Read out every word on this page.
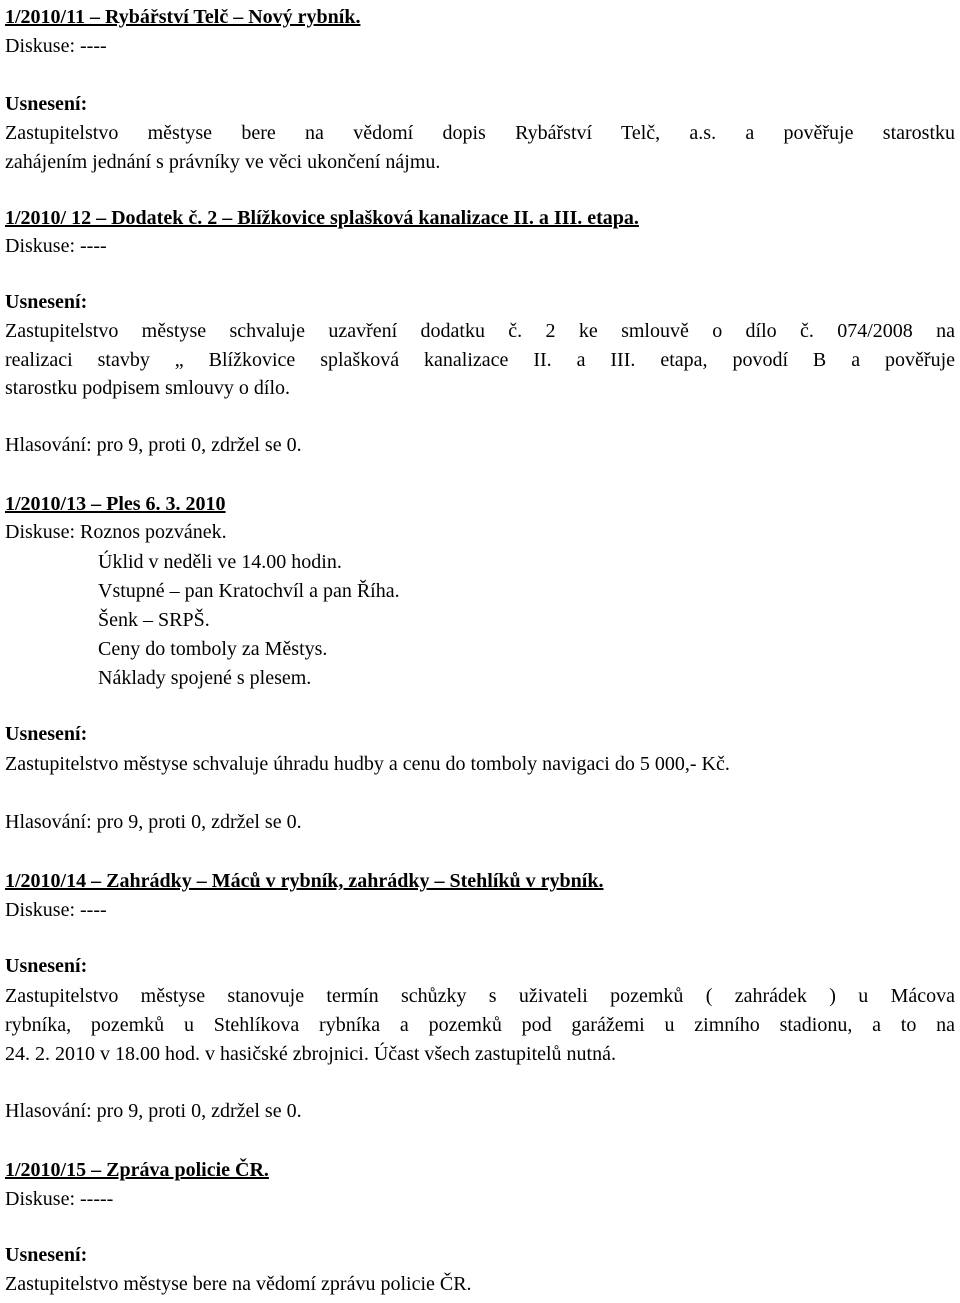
1/2010/11 – Rybářství Telč – Nový rybník.
Diskuse: ----
Usnesení:
Zastupitelstvo městyse bere na vědomí dopis Rybářství Telč, a.s. a pověřuje starostku
zahájením jednání s právníky ve věci ukončení nájmu.
1/2010/ 12 – Dodatek č. 2 – Blížkovice splašková kanalizace II. a III. etapa.
Diskuse: ----
Usnesení:
Zastupitelstvo městyse schvaluje uzavření dodatku č. 2 ke smlouvě o dílo č. 074/2008 na
realizaci stavby „ Blížkovice splašková kanalizace II. a III. etapa, povodí B a pověřuje
starostku podpisem smlouvy o dílo.
Hlasování: pro 9, proti 0, zdržel se 0.
1/2010/13 – Ples 6. 3. 2010
Diskuse: Roznos pozvánek.
Úklid v neděli ve 14.00 hodin.
Vstupné – pan Kratochvíl a pan Říha.
Šenk – SRPŠ.
Ceny do tomboly za Městys.
Náklady spojené s plesem.
Usnesení:
Zastupitelstvo městyse schvaluje úhradu hudby a cenu do tomboly navigaci do 5 000,- Kč.
Hlasování: pro 9, proti 0, zdržel se 0.
1/2010/14 – Zahrádky – Máců v rybník, zahrádky – Stehlíků v rybník.
Diskuse: ----
Usnesení:
Zastupitelstvo městyse stanovuje termín schůzky s uživateli pozemků ( zahrádek ) u Mácova
rybníka, pozemků u Stehlíkova rybníka a pozemků pod garážemi u zimního stadionu, a to na
24. 2. 2010 v 18.00 hod. v hasičské zbrojnici. Účast všech zastupitelů nutná.
Hlasování: pro 9, proti 0, zdržel se 0.
1/2010/15 – Zpráva policie ČR.
Diskuse: -----
Usnesení:
Zastupitelstvo městyse bere na vědomí zprávu policie ČR.
